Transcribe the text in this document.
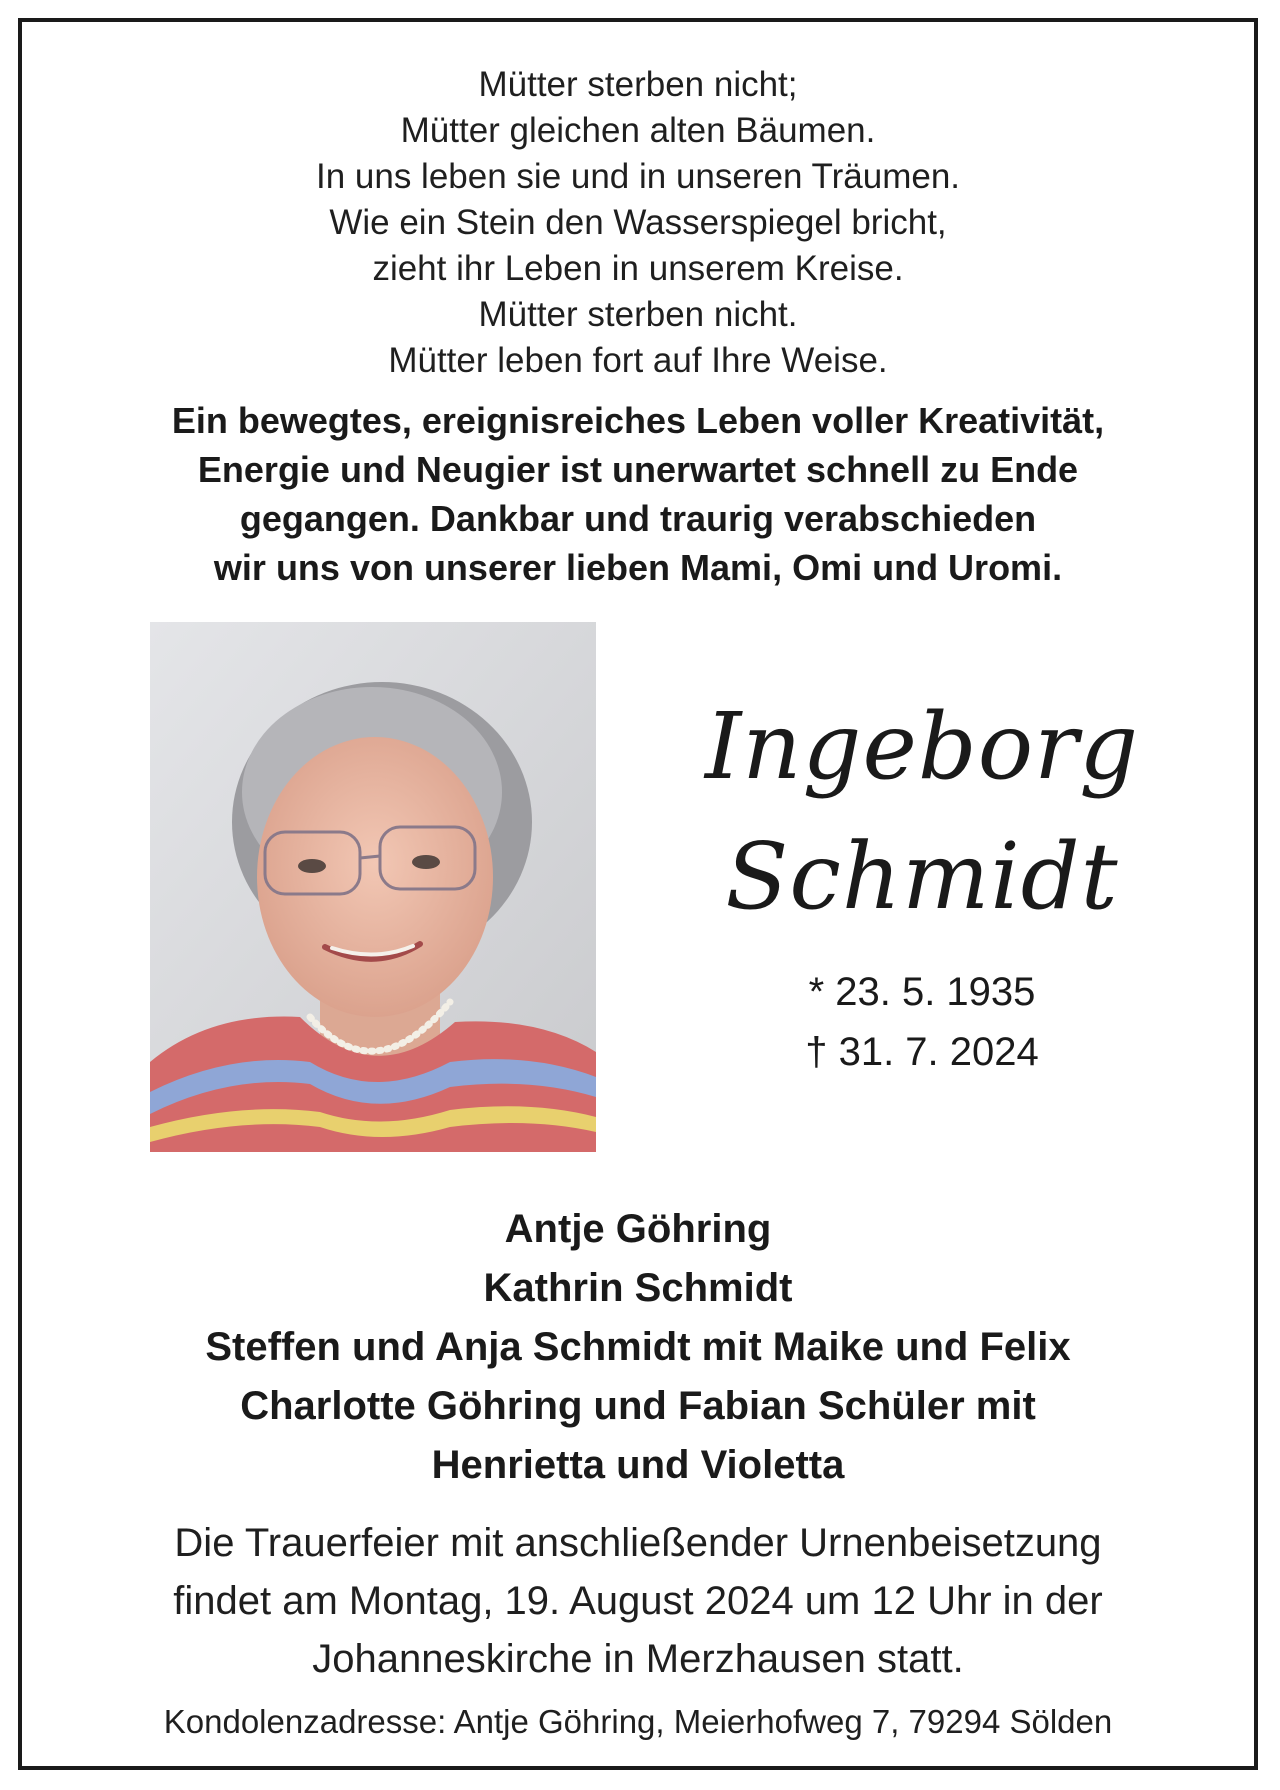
Mütter sterben nicht;
Mütter gleichen alten Bäumen.
In uns leben sie und in unseren Träumen.
Wie ein Stein den Wasserspiegel bricht,
zieht ihr Leben in unserem Kreise.
Mütter sterben nicht.
Mütter leben fort auf Ihre Weise.
Ein bewegtes, ereignisreiches Leben voller Kreativität,
Energie und Neugier ist unerwartet schnell zu Ende
gegangen. Dankbar und traurig verabschieden
wir uns von unserer lieben Mami, Omi und Uromi.
Ingeborg
Schmidt
* 23. 5. 1935
† 31. 7. 2024
Antje Göhring
Kathrin Schmidt
Steffen und Anja Schmidt mit Maike und Felix
Charlotte Göhring und Fabian Schüler mit
Henrietta und Violetta
Die Trauerfeier mit anschließender Urnenbeisetzung
findet am Montag, 19. August 2024 um 12 Uhr in der
Johanneskirche in Merzhausen statt.
Kondolenzadresse: Antje Göhring, Meierhofweg 7, 79294 Sölden
